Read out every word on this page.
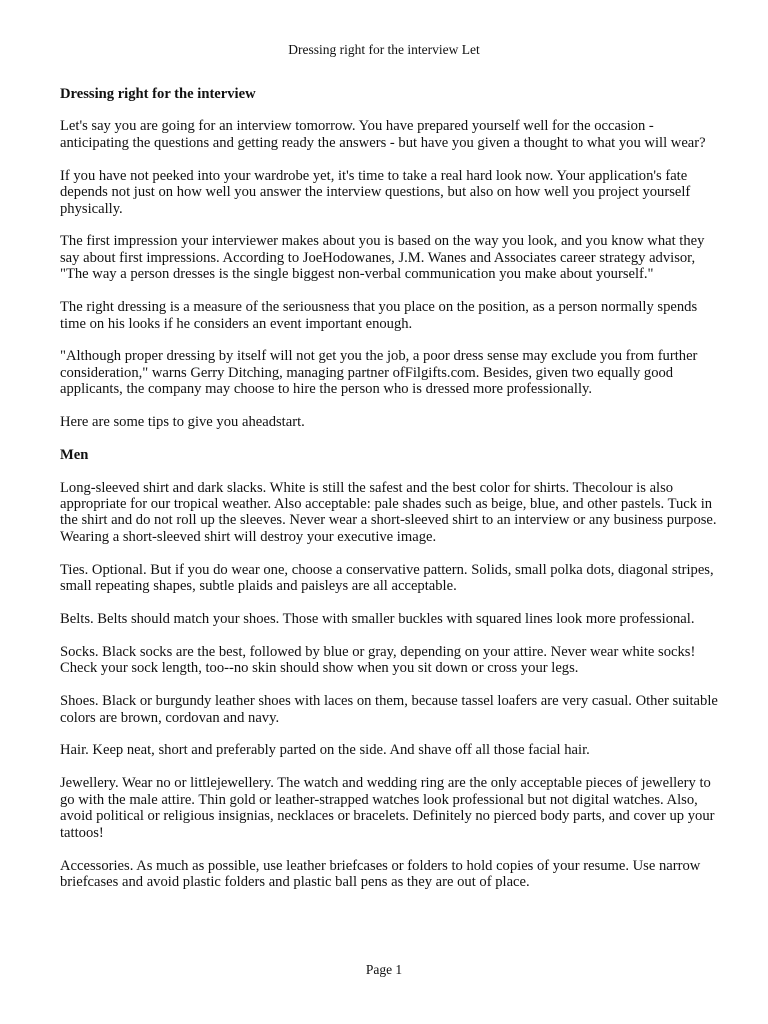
Dressing right for the interview Let
Dressing right for the interview

Let's say you are going for an interview tomorrow. You have prepared yourself well for the occasion - anticipating the questions and getting ready the answers - but have you given a thought to what you will wear?

If you have not peeked into your wardrobe yet, it's time to take a real hard look now. Your application's fate depends not just on how well you answer the interview questions, but also on how well you project yourself physically.

The first impression your interviewer makes about you is based on the way you look, and you know what they say about first impressions. According to JoeHodowanes, J.M. Wanes and Associates career strategy advisor, "The way a person dresses is the single biggest non-verbal communication you make about yourself."

The right dressing is a measure of the seriousness that you place on the position, as a person normally spends time on his looks if he considers an event important enough.

"Although proper dressing by itself will not get you the job, a poor dress sense may exclude you from further consideration," warns Gerry Ditching, managing partner ofFilgifts.com. Besides, given two equally good applicants, the company may choose to hire the person who is dressed more professionally.

Here are some tips to give you aheadstart.

Men

Long-sleeved shirt and dark slacks. White is still the safest and the best color for shirts. Thecolour is also appropriate for our tropical weather. Also acceptable: pale shades such as beige, blue, and other pastels. Tuck in the shirt and do not roll up the sleeves. Never wear a short-sleeved shirt to an interview or any business purpose. Wearing a short-sleeved shirt will destroy your executive image.

Ties. Optional. But if you do wear one, choose a conservative pattern. Solids, small polka dots, diagonal stripes, small repeating shapes, subtle plaids and paisleys are all acceptable.

Belts. Belts should match your shoes. Those with smaller buckles with squared lines look more professional.

Socks. Black socks are the best, followed by blue or gray, depending on your attire. Never wear white socks! Check your sock length, too--no skin should show when you sit down or cross your legs.

Shoes. Black or burgundy leather shoes with laces on them, because tassel loafers are very casual. Other suitable colors are brown, cordovan and navy.

Hair. Keep neat, short and preferably parted on the side. And shave off all those facial hair.

Jewellery. Wear no or littlejewellery. The watch and wedding ring are the only acceptable pieces of jewellery to go with the male attire. Thin gold or leather-strapped watches look professional but not digital watches. Also, avoid political or religious insignias, necklaces or bracelets. Definitely no pierced body parts, and cover up your tattoos!

Accessories. As much as possible, use leather briefcases or folders to hold copies of your resume. Use narrow briefcases and avoid plastic folders and plastic ball pens as they are out of place.

Page 1
